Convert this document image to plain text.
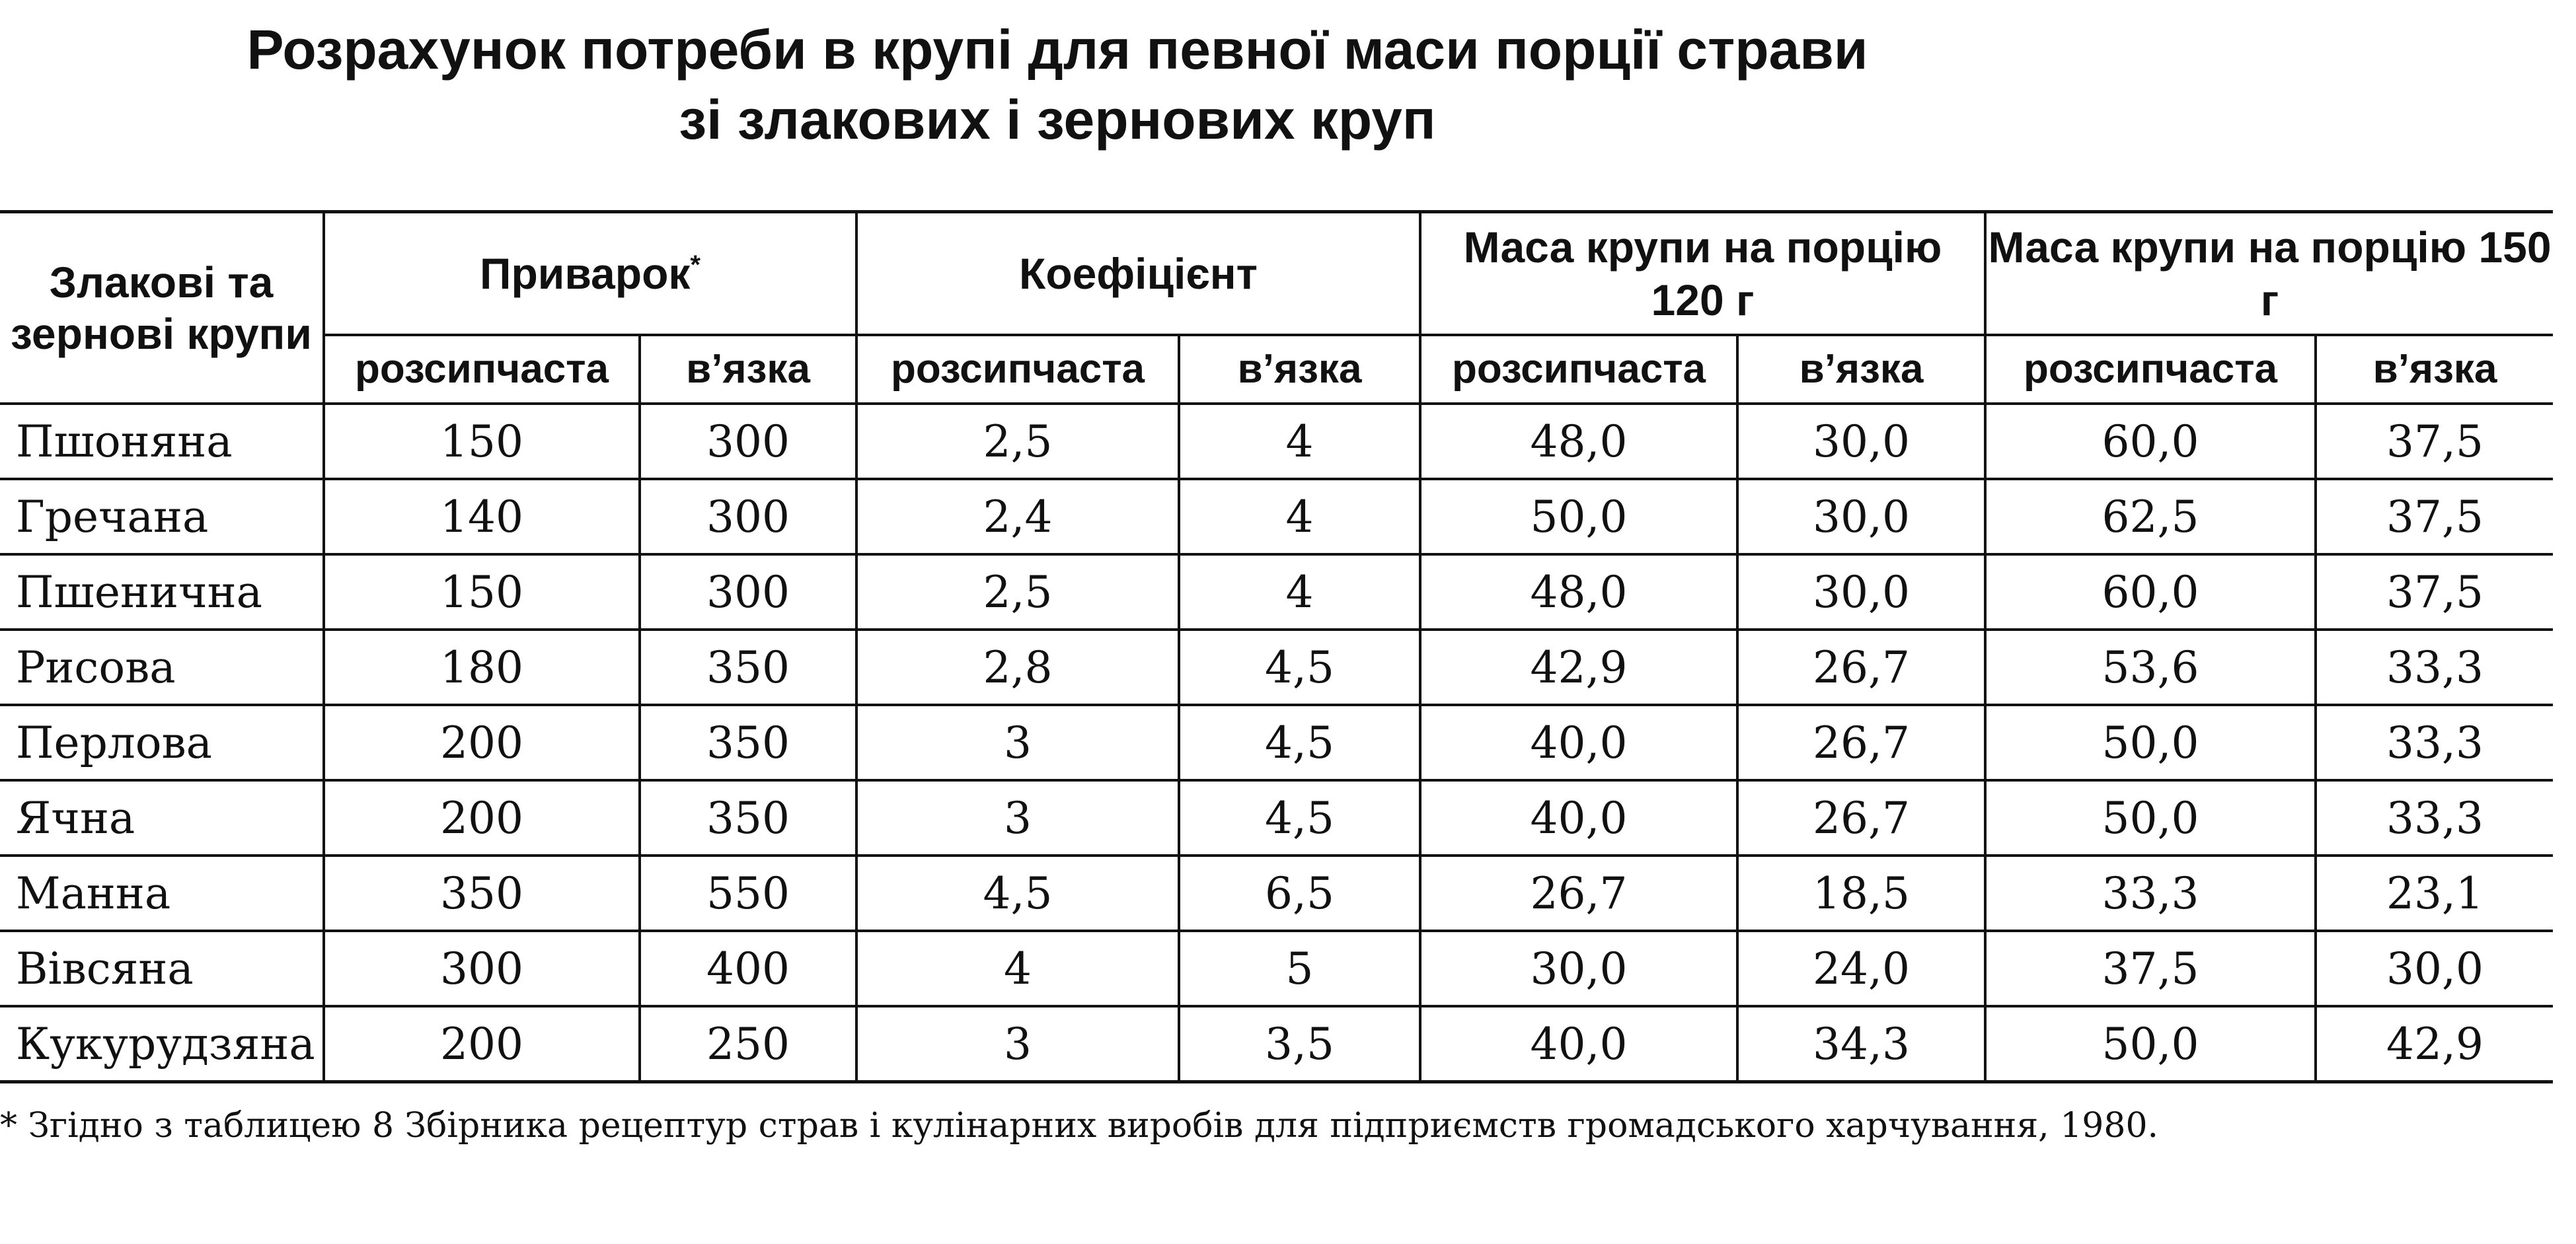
Розрахунок потреби в крупі для певної маси порції страви
зі злакових і зернових круп
Злакові та зернові крупи	Приварок*		Коефіцієнт		Маса крупи на порцію 120 г		Маса крупи на порцію 150 г	
	розсипчаста	в’язка	розсипчаста	в’язка	розсипчаста	в’язка	розсипчаста	в’язка
Пшоняна	150	300	2,5	4	48,0	30,0	60,0	37,5
Гречана	140	300	2,4	4	50,0	30,0	62,5	37,5
Пшенична	150	300	2,5	4	48,0	30,0	60,0	37,5
Рисова	180	350	2,8	4,5	42,9	26,7	53,6	33,3
Перлова	200	350	3	4,5	40,0	26,7	50,0	33,3
Ячна	200	350	3	4,5	40,0	26,7	50,0	33,3
Манна	350	550	4,5	6,5	26,7	18,5	33,3	23,1
Вівсяна	300	400	4	5	30,0	24,0	37,5	30,0
Кукурудзяна	200	250	3	3,5	40,0	34,3	50,0	42,9
* Згідно з таблицею 8 Збірника рецептур страв і кулінарних виробів для підприємств громадського харчування, 1980.
